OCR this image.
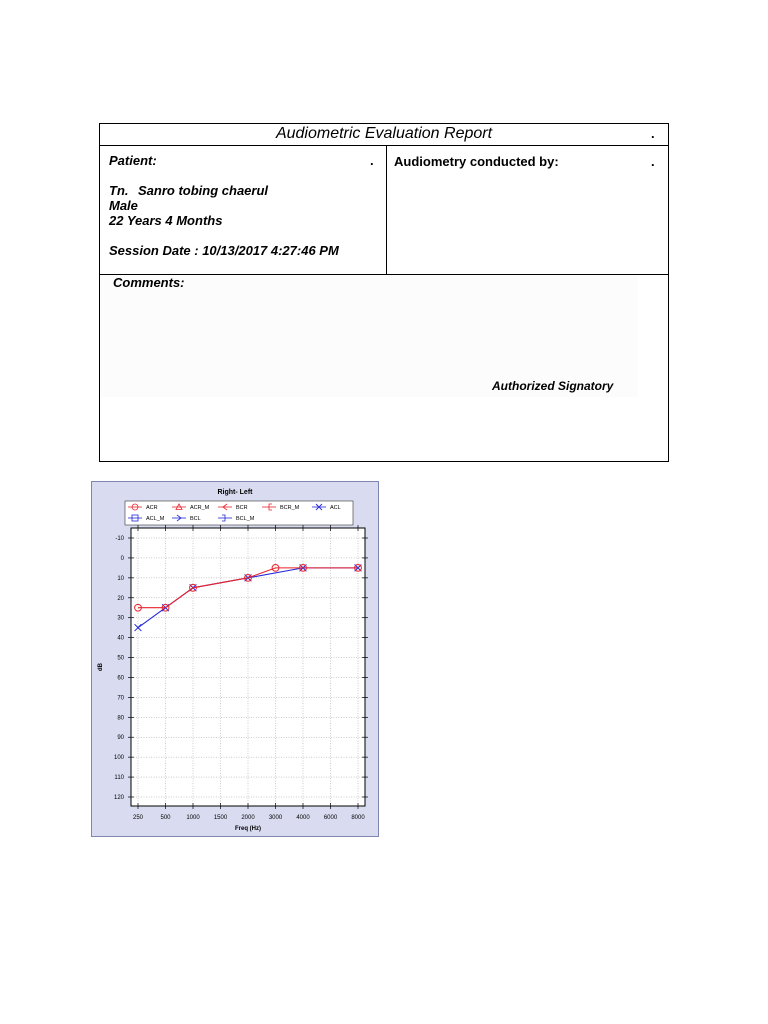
Audiometric Evaluation Report	.
Patient:	.
Tn. Sanro tobing chaerul
Male
22 Years 4 Months
Session Date : 10/13/2017 4:27:46 PM
Audiometry conducted by:	.
Comments:
Authorized Signatory
Right- Left
ACR	ACR_M	BCR	BCR_M	ACL
ACL_M	BCL	BCL_M
-10
0
10
20
30
40
50
60
70
80
90
100
110
120
250	500	1000 1500 2000 3000 4000 6000 8000
Freq (Hz)
dB
